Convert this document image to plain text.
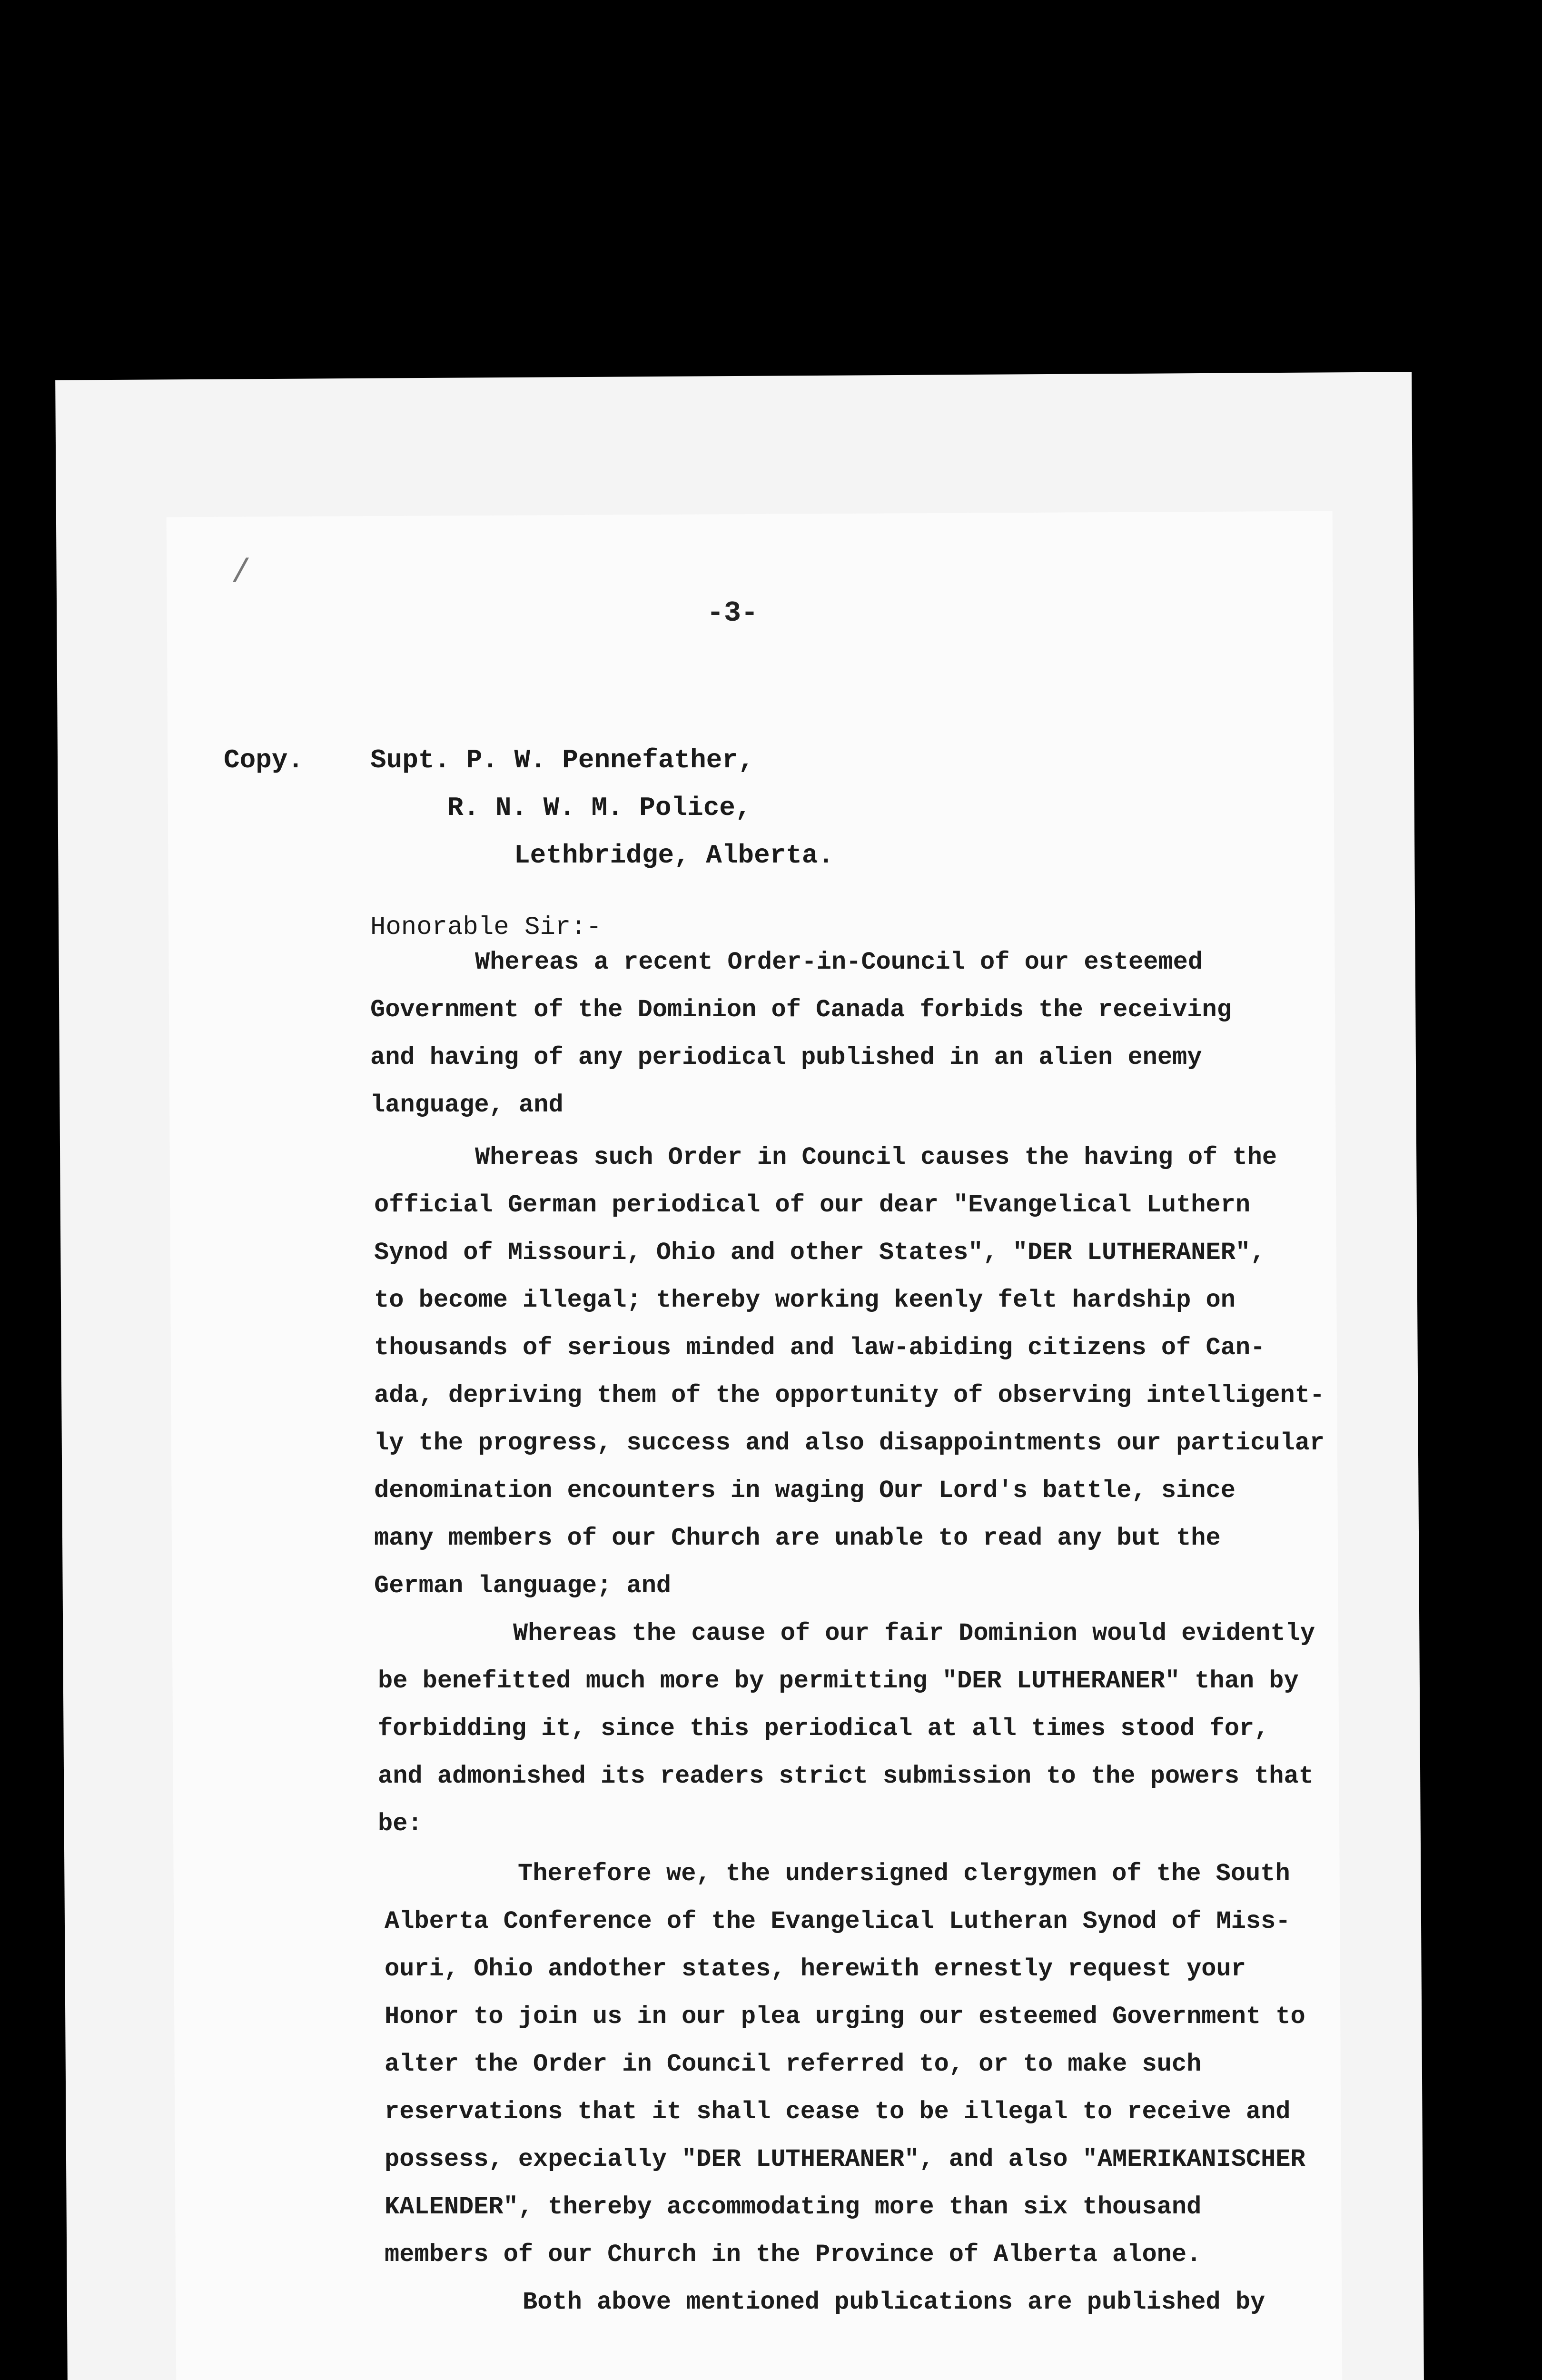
/
-3-
Copy. Supt. P. W. Pennefather,
R. N. W. M. Police,
Lethbridge, Alberta.
Honorable Sir:-
Whereas a recent Order-in-Council of our esteemed
Government of the Dominion of Canada forbids the receiving
and having of any periodical published in an alien enemy
language, and
Whereas such Order in Council causes the having of the
official German periodical of our dear "Evangelical Luthern
Synod of Missouri, Ohio and other States", "DER LUTHERANER",
to become illegal; thereby working keenly felt hardship on
thousands of serious minded and law-abiding citizens of Can-
ada, depriving them of the opportunity of observing intelligent-
ly the progress, success and also disappointments our particular
denomination encounters in waging Our Lord's battle, since
many members of our Church are unable to read any but the
German language; and
Whereas the cause of our fair Dominion would evidently
be benefitted much more by permitting "DER LUTHERANER" than by
forbidding it, since this periodical at all times stood for,
and admonished its readers strict submission to the powers that
be:
Therefore we, the undersigned clergymen of the South
Alberta Conference of the Evangelical Lutheran Synod of Miss-
ouri, Ohio andother states, herewith ernestly request your
Honor to join us in our plea urging our esteemed Government to
alter the Order in Council referred to, or to make such
reservations that it shall cease to be illegal to receive and
possess, expecially "DER LUTHERANER", and also "AMERIKANISCHER
KALENDER", thereby accommodating more than six thousand
members of our Church in the Province of Alberta alone.
Both above mentioned publications are published by
